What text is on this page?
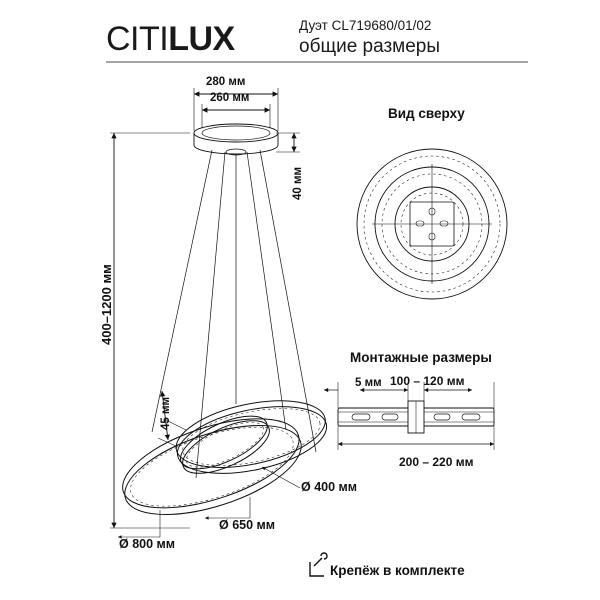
CITILUX	Дуэт CL719680/01/02
общие размеры
280 мм
260 мм
40 мм
400–1200 мм
45 мм
Ø 400 мм
Ø 650 мм
Ø 800 мм
Вид сверху
Монтажные размеры
5 мм 100 – 120 мм
200 – 220 мм
Крепёж в комплекте
